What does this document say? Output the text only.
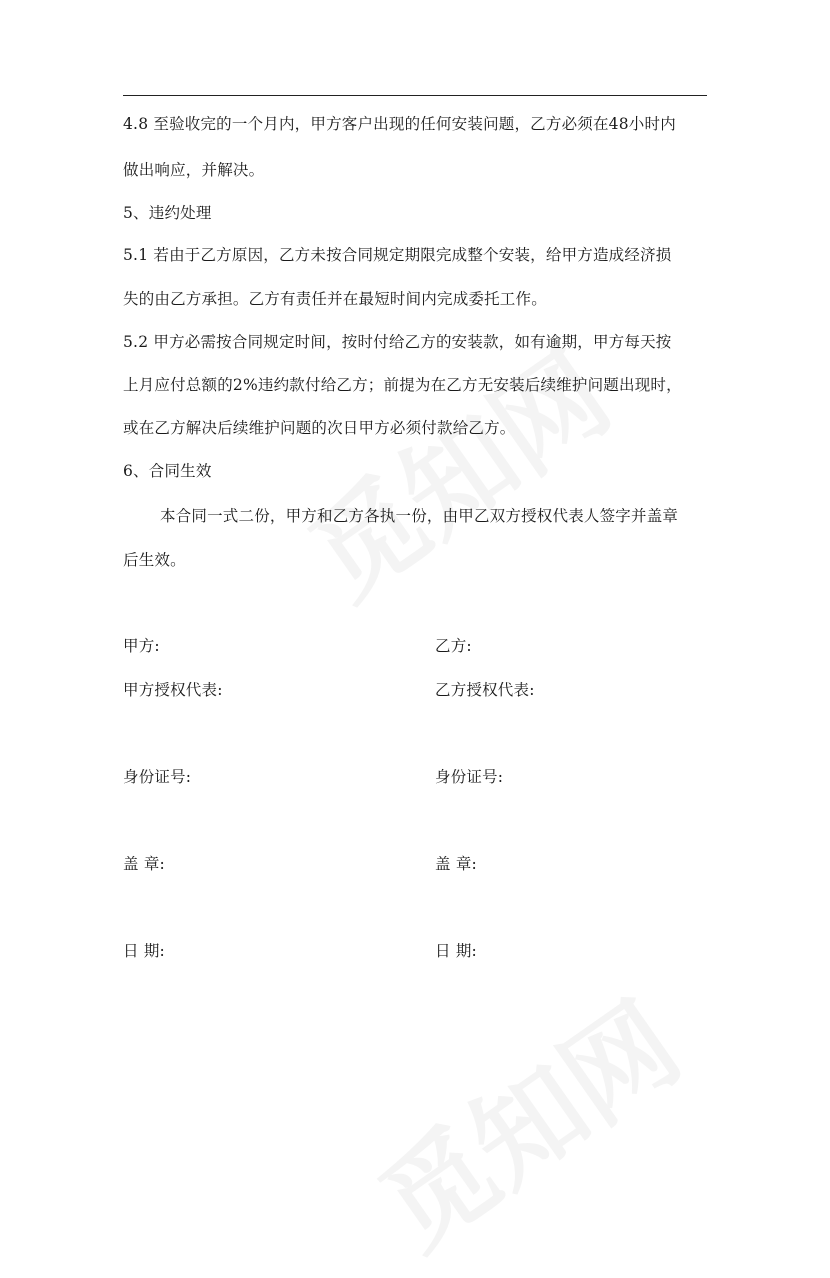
4.8 至验收完的一个月内，甲方客户出现的任何安装问题，乙方必须在48小时内
做出响应，并解决。
5、违约处理
5.1 若由于乙方原因，乙方未按合同规定期限完成整个安装，给甲方造成经济损
失的由乙方承担。乙方有责任并在最短时间内完成委托工作。
5.2 甲方必需按合同规定时间，按时付给乙方的安装款，如有逾期，甲方每天按
上月应付总额的2%违约款付给乙方；前提为在乙方无安装后续维护问题出现时，
或在乙方解决后续维护问题的次日甲方必须付款给乙方。
6、合同生效
本合同一式二份，甲方和乙方各执一份，由甲乙双方授权代表人签字并盖章
后生效。
甲方:	乙方:
甲方授权代表:	乙方授权代表:
身份证号:	身份证号:
盖 章:	盖 章:
日 期:	日 期:
